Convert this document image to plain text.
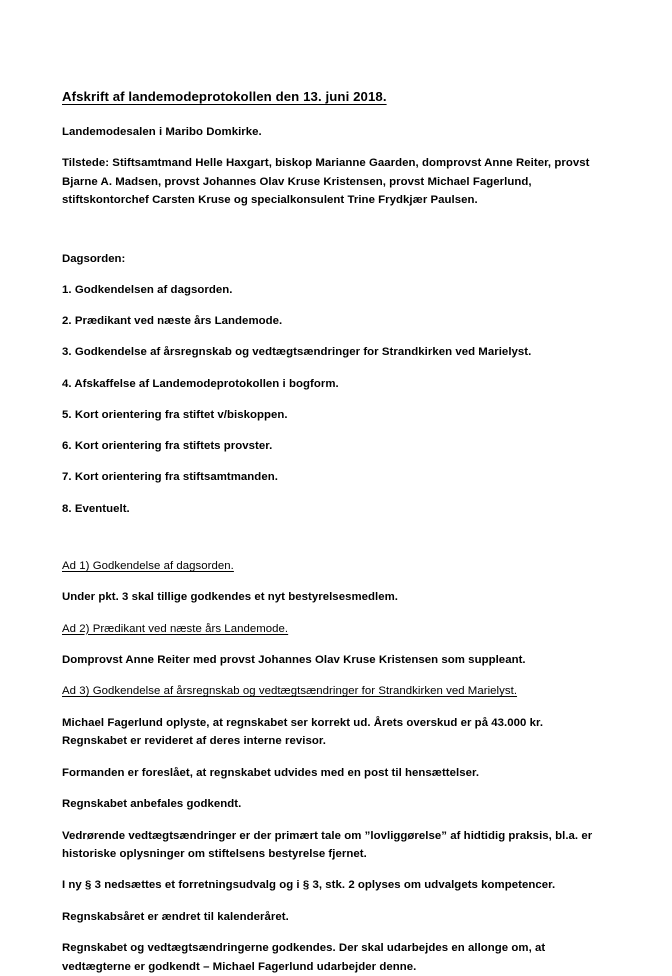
Afskrift af landemodeprotokollen den 13. juni 2018.

Landemodesalen i Maribo Domkirke.

Tilstede: Stiftsamtmand Helle Haxgart, biskop Marianne Gaarden, domprovst Anne Reiter, provst Bjarne A. Madsen, provst Johannes Olav Kruse Kristensen, provst Michael Fagerlund, stiftskontorchef Carsten Kruse og specialkonsulent Trine Frydkjær Paulsen.

Dagsorden:
1. Godkendelsen af dagsorden.
2. Prædikant ved næste års Landemode.
3. Godkendelse af årsregnskab og vedtægtsændringer for Strandkirken ved Marielyst.
4. Afskaffelse af Landemodeprotokollen i bogform.
5. Kort orientering fra stiftet v/biskoppen.
6. Kort orientering fra stiftets provster.
7. Kort orientering fra stiftsamtmanden.
8. Eventuelt.
Ad 1) Godkendelse af dagsorden.

Under pkt. 3 skal tillige godkendes et nyt bestyrelsesmedlem.

Ad 2) Prædikant ved næste års Landemode.

Domprovst Anne Reiter med provst Johannes Olav Kruse Kristensen som suppleant.

Ad 3) Godkendelse af årsregnskab og vedtægtsændringer for Strandkirken ved Marielyst.

Michael Fagerlund oplyste, at regnskabet ser korrekt ud. Årets overskud er på 43.000 kr. Regnskabet er revideret af deres interne revisor.

Formanden er foreslået, at regnskabet udvides med en post til hensættelser.

Regnskabet anbefales godkendt.

Vedrørende vedtægtsændringer er der primært tale om ”lovliggørelse” af hidtidig praksis, bl.a. er historiske oplysninger om stiftelsens bestyrelse fjernet.

I ny § 3 nedsættes et forretningsudvalg og i § 3, stk. 2 oplyses om udvalgets kompetencer.

Regnskabsåret er ændret til kalenderåret.

Regnskabet og vedtægtsændringerne godkendes. Der skal udarbejdes en allonge om, at vedtægterne er godkendt – Michael Fagerlund udarbejder denne.
